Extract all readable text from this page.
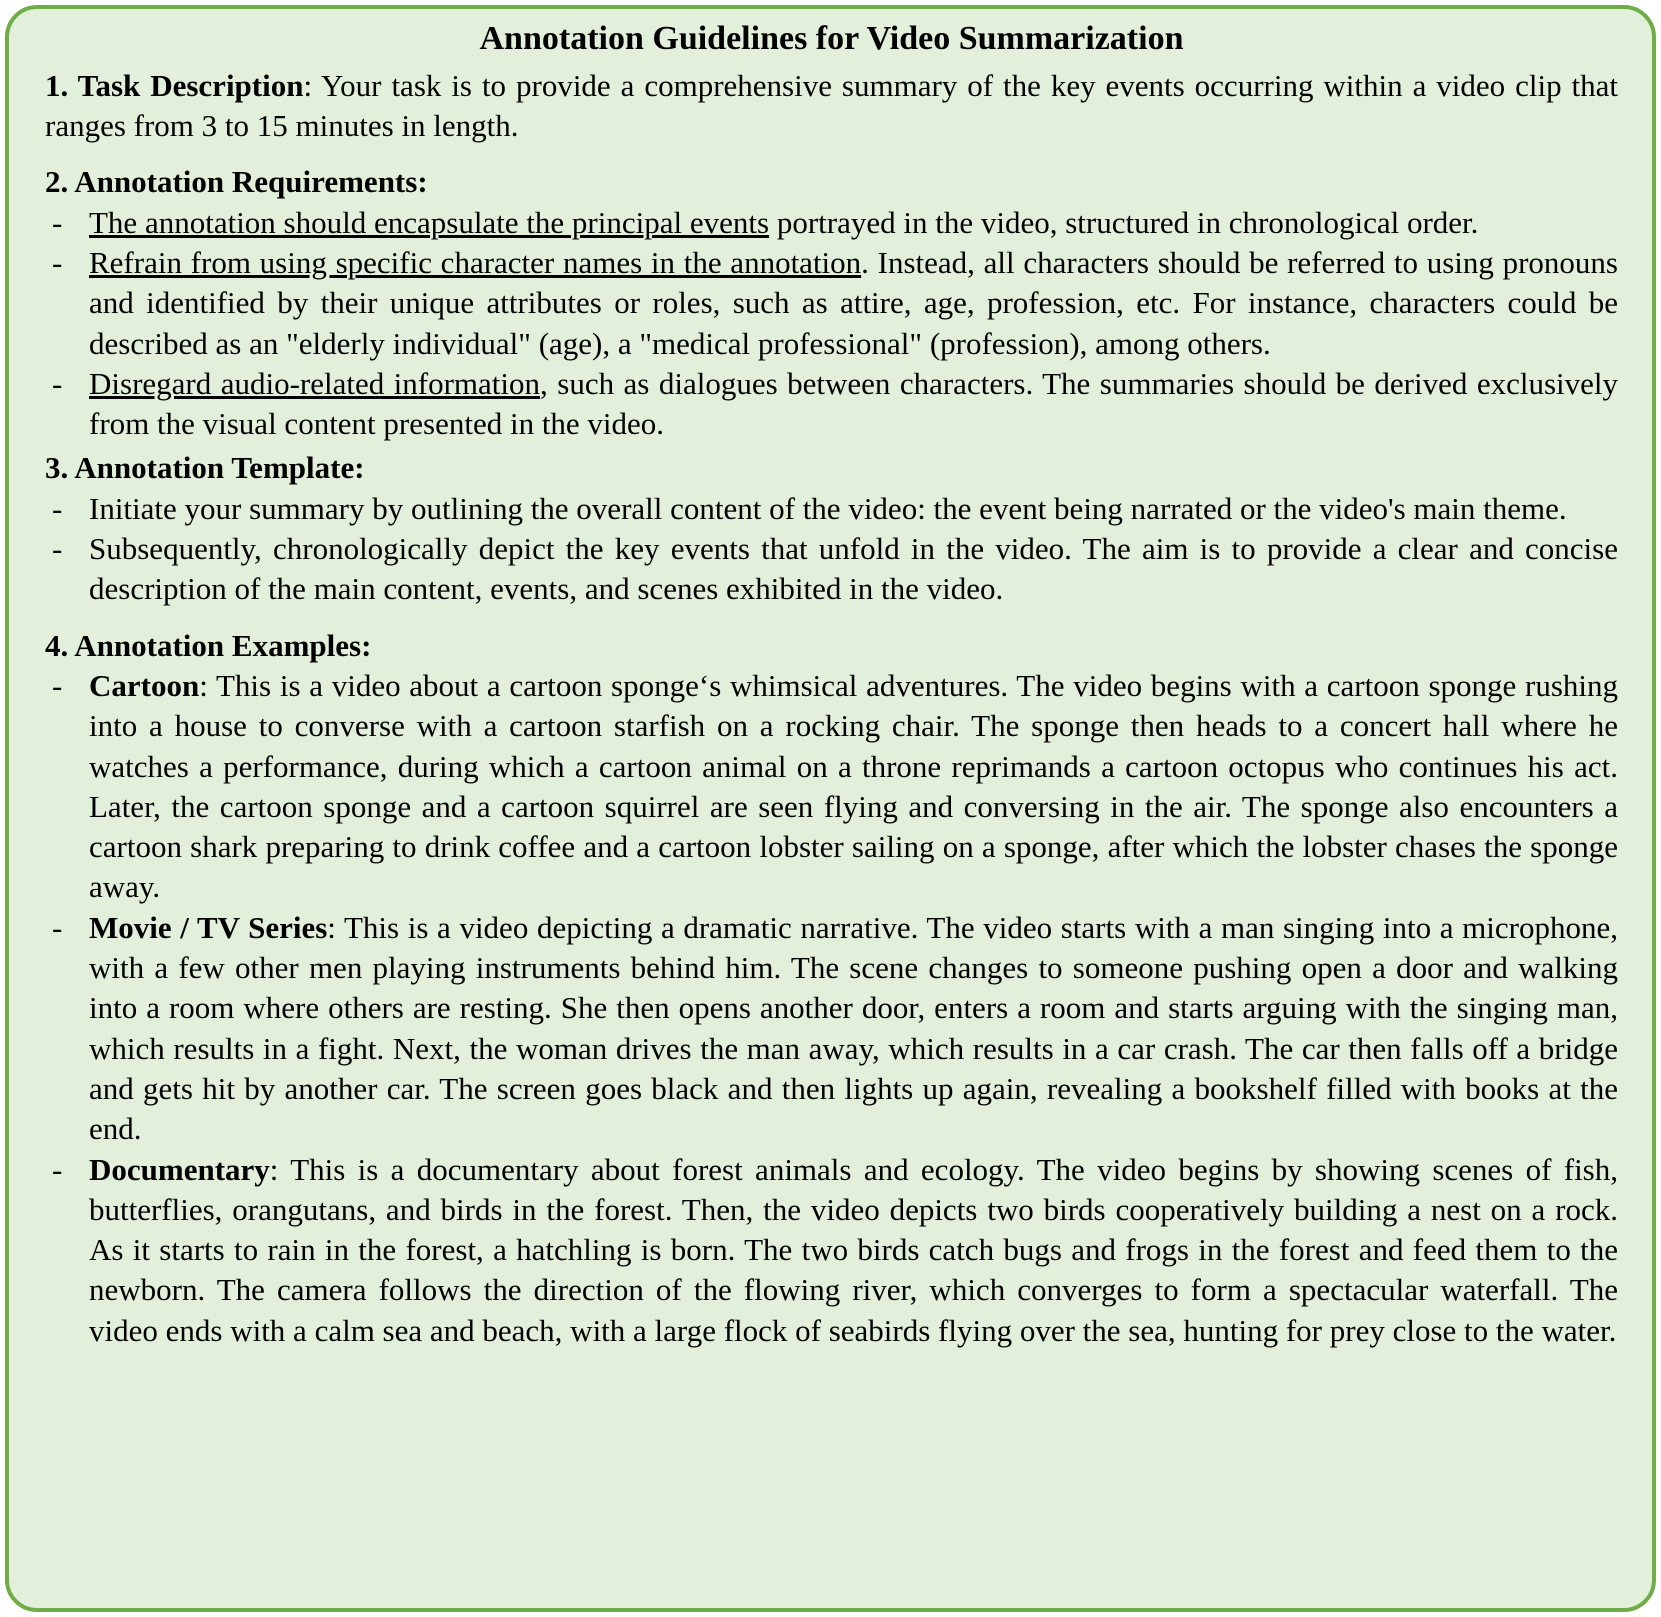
Annotation Guidelines for Video Summarization

1. Task Description: Your task is to provide a comprehensive summary of the key events occurring within a video clip that ranges from 3 to 15 minutes in length.

2. Annotation Requirements:

- The annotation should encapsulate the principal events portrayed in the video, structured in chronological order.
- Refrain from using specific character names in the annotation. Instead, all characters should be referred to using pronouns and identified by their unique attributes or roles, such as attire, age, profession, etc. For instance, characters could be described as an "elderly individual" (age), a "medical professional" (profession), among others.
- Disregard audio-related information, such as dialogues between characters. The summaries should be derived exclusively from the visual content presented in the video.

3. Annotation Template:

- Initiate your summary by outlining the overall content of the video: the event being narrated or the video's main theme.
- Subsequently, chronologically depict the key events that unfold in the video. The aim is to provide a clear and concise description of the main content, events, and scenes exhibited in the video.

4. Annotation Examples:

- Cartoon: This is a video about a cartoon sponge‘s whimsical adventures. The video begins with a cartoon sponge rushing into a house to converse with a cartoon starfish on a rocking chair. The sponge then heads to a concert hall where he watches a performance, during which a cartoon animal on a throne reprimands a cartoon octopus who continues his act. Later, the cartoon sponge and a cartoon squirrel are seen flying and conversing in the air. The sponge also encounters a cartoon shark preparing to drink coffee and a cartoon lobster sailing on a sponge, after which the lobster chases the sponge away.
- Movie / TV Series: This is a video depicting a dramatic narrative. The video starts with a man singing into a microphone, with a few other men playing instruments behind him. The scene changes to someone pushing open a door and walking into a room where others are resting. She then opens another door, enters a room and starts arguing with the singing man, which results in a fight. Next, the woman drives the man away, which results in a car crash. The car then falls off a bridge and gets hit by another car. The screen goes black and then lights up again, revealing a bookshelf filled with books at the end.
- Documentary: This is a documentary about forest animals and ecology. The video begins by showing scenes of fish, butterflies, orangutans, and birds in the forest. Then, the video depicts two birds cooperatively building a nest on a rock. As it starts to rain in the forest, a hatchling is born. The two birds catch bugs and frogs in the forest and feed them to the newborn. The camera follows the direction of the flowing river, which converges to form a spectacular waterfall. The video ends with a calm sea and beach, with a large flock of seabirds flying over the sea, hunting for prey close to the water.
